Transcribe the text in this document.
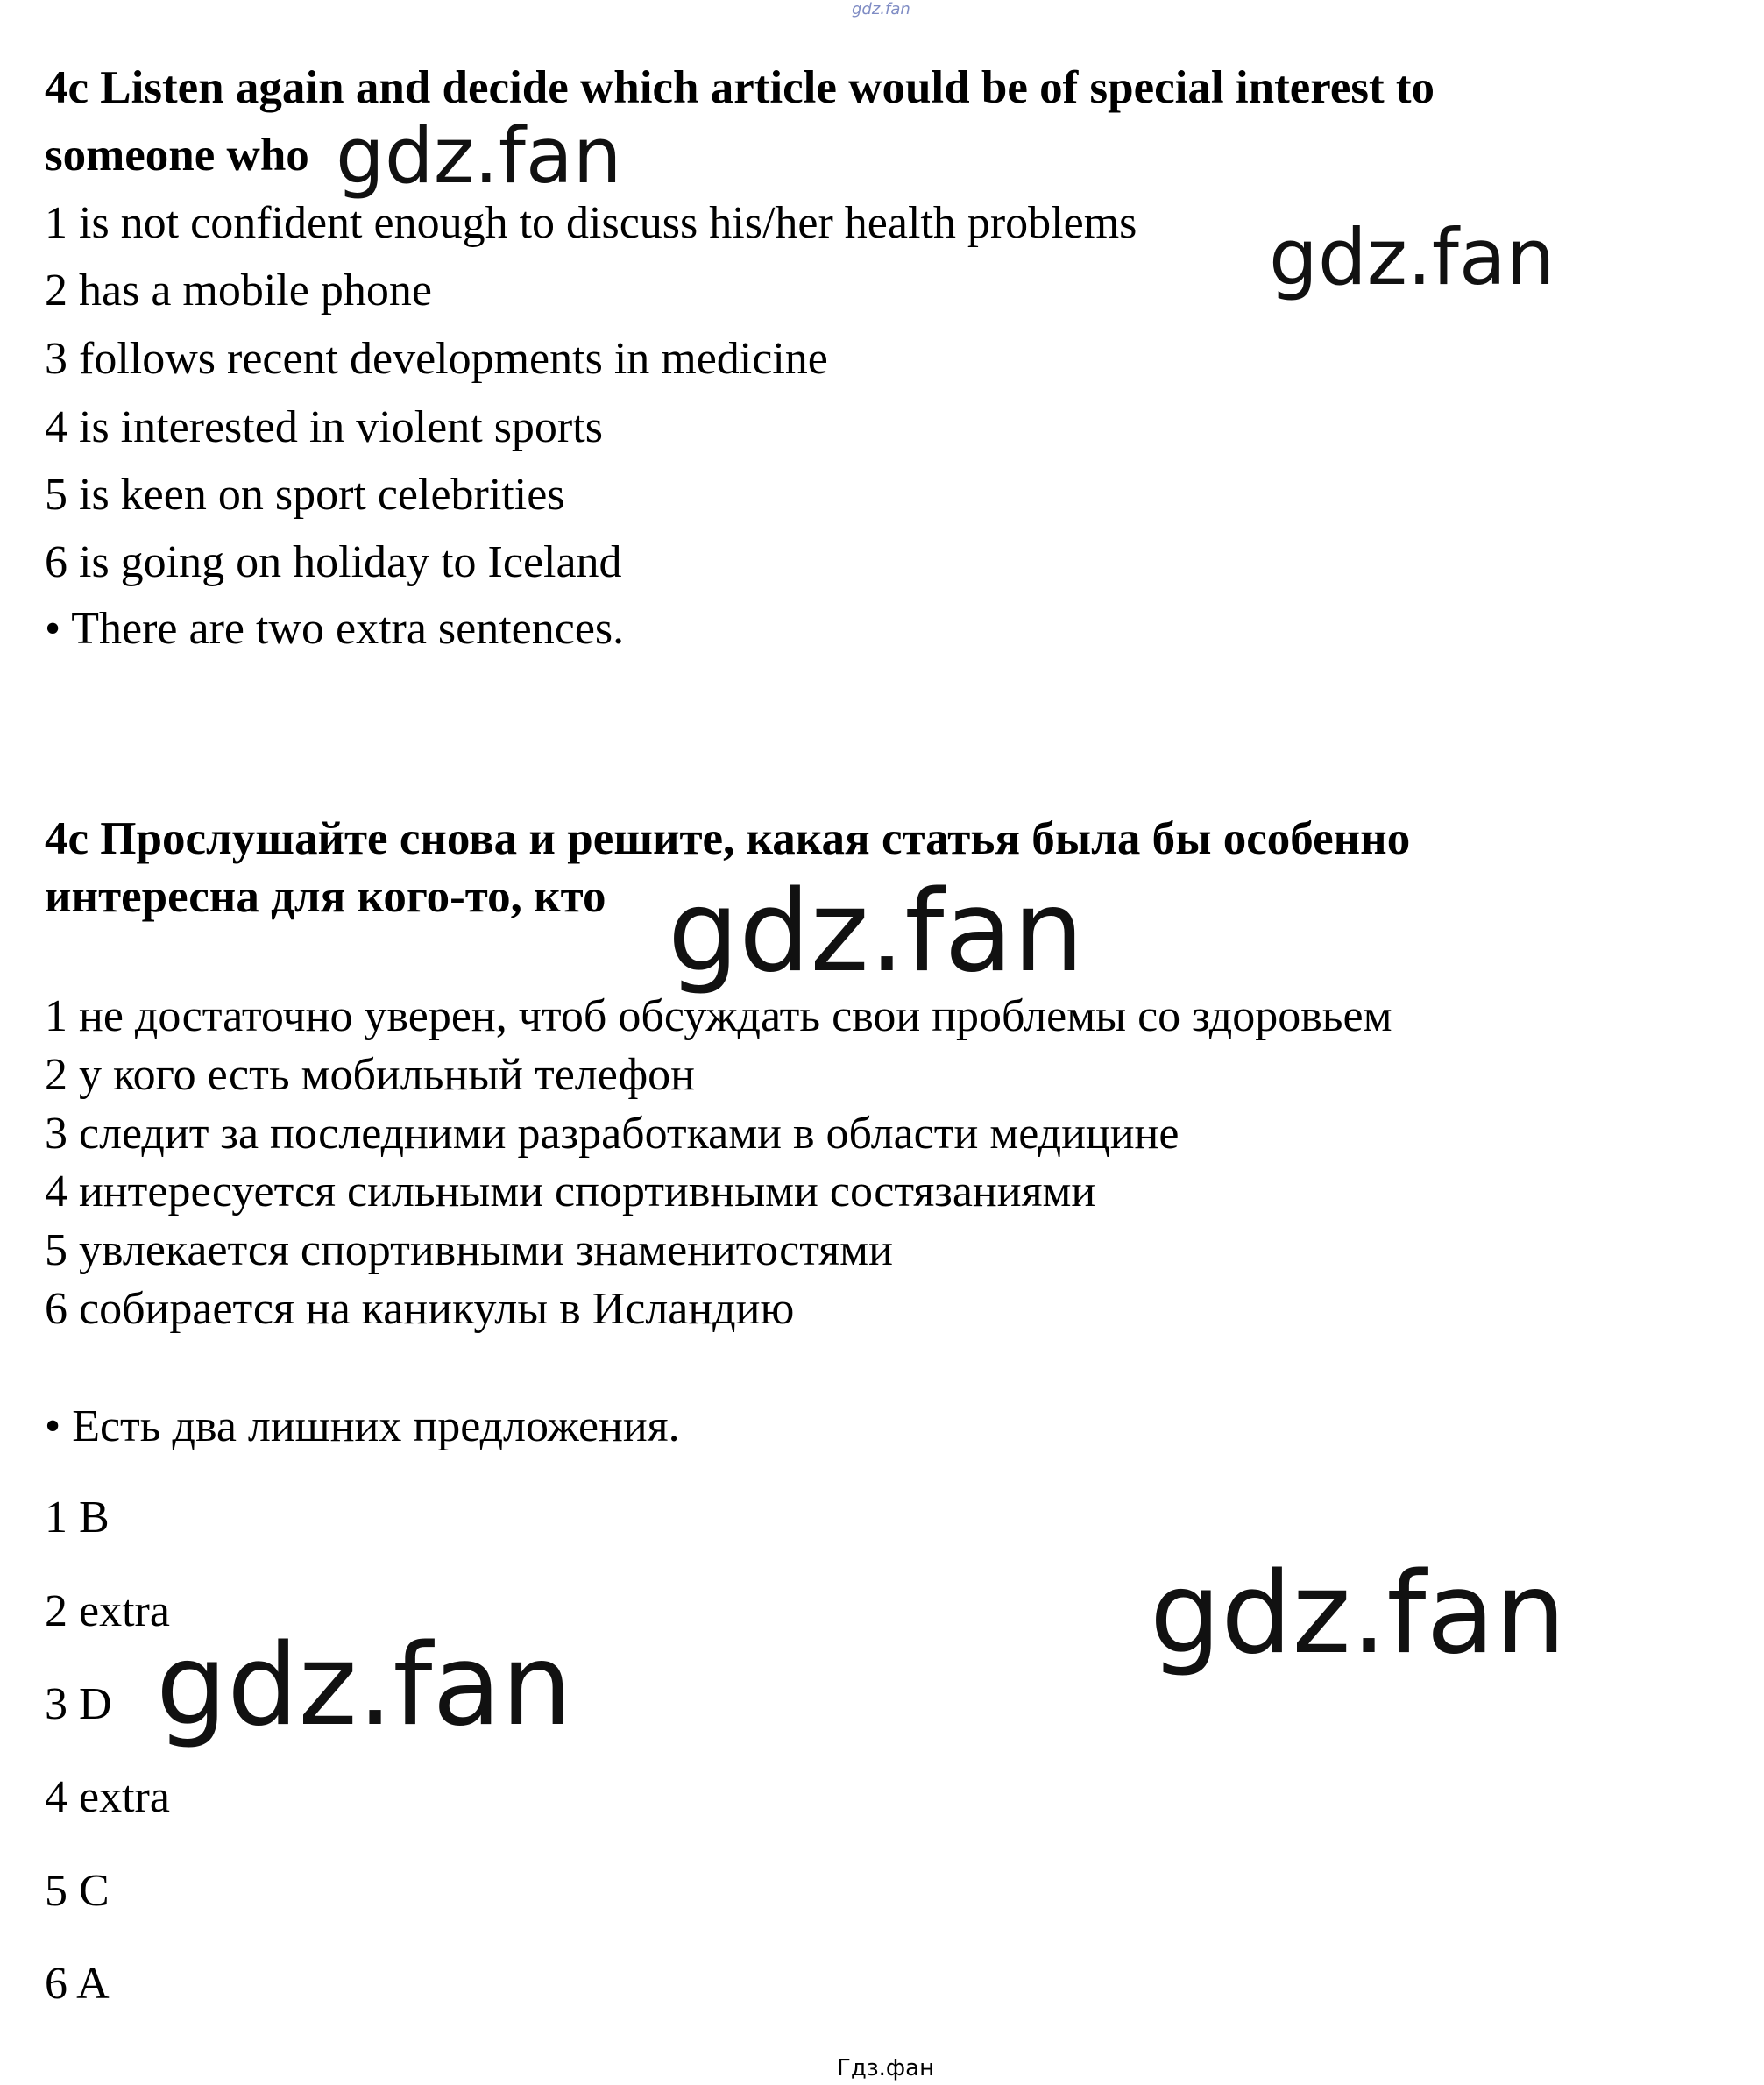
gdz.fan
4c Listen again and decide which article would be of special interest to
someone who
1 is not confident enough to discuss his/her health problems
2 has a mobile phone
3 follows recent developments in medicine
4 is interested in violent sports
5 is keen on sport celebrities
6 is going on holiday to Iceland
• There are two extra sentences.
4c Прослушайте снова и решите, какая статья была бы особенно
интересна для кого-то, кто
1 не достаточно уверен, чтоб обсуждать свои проблемы со здоровьем
2 у кого есть мобильный телефон
3 следит за последними разработками в области медицине
4 интересуется сильными спортивными состязаниями
5 увлекается спортивными знаменитостями
6 собирается на каникулы в Исландию
• Есть два лишних предложения.
1 B
2 extra
3 D
4 extra
5 C
6 A
gdz.fan
gdz.fan
gdz.fan
gdz.fan
gdz.fan
Гдз.фан
